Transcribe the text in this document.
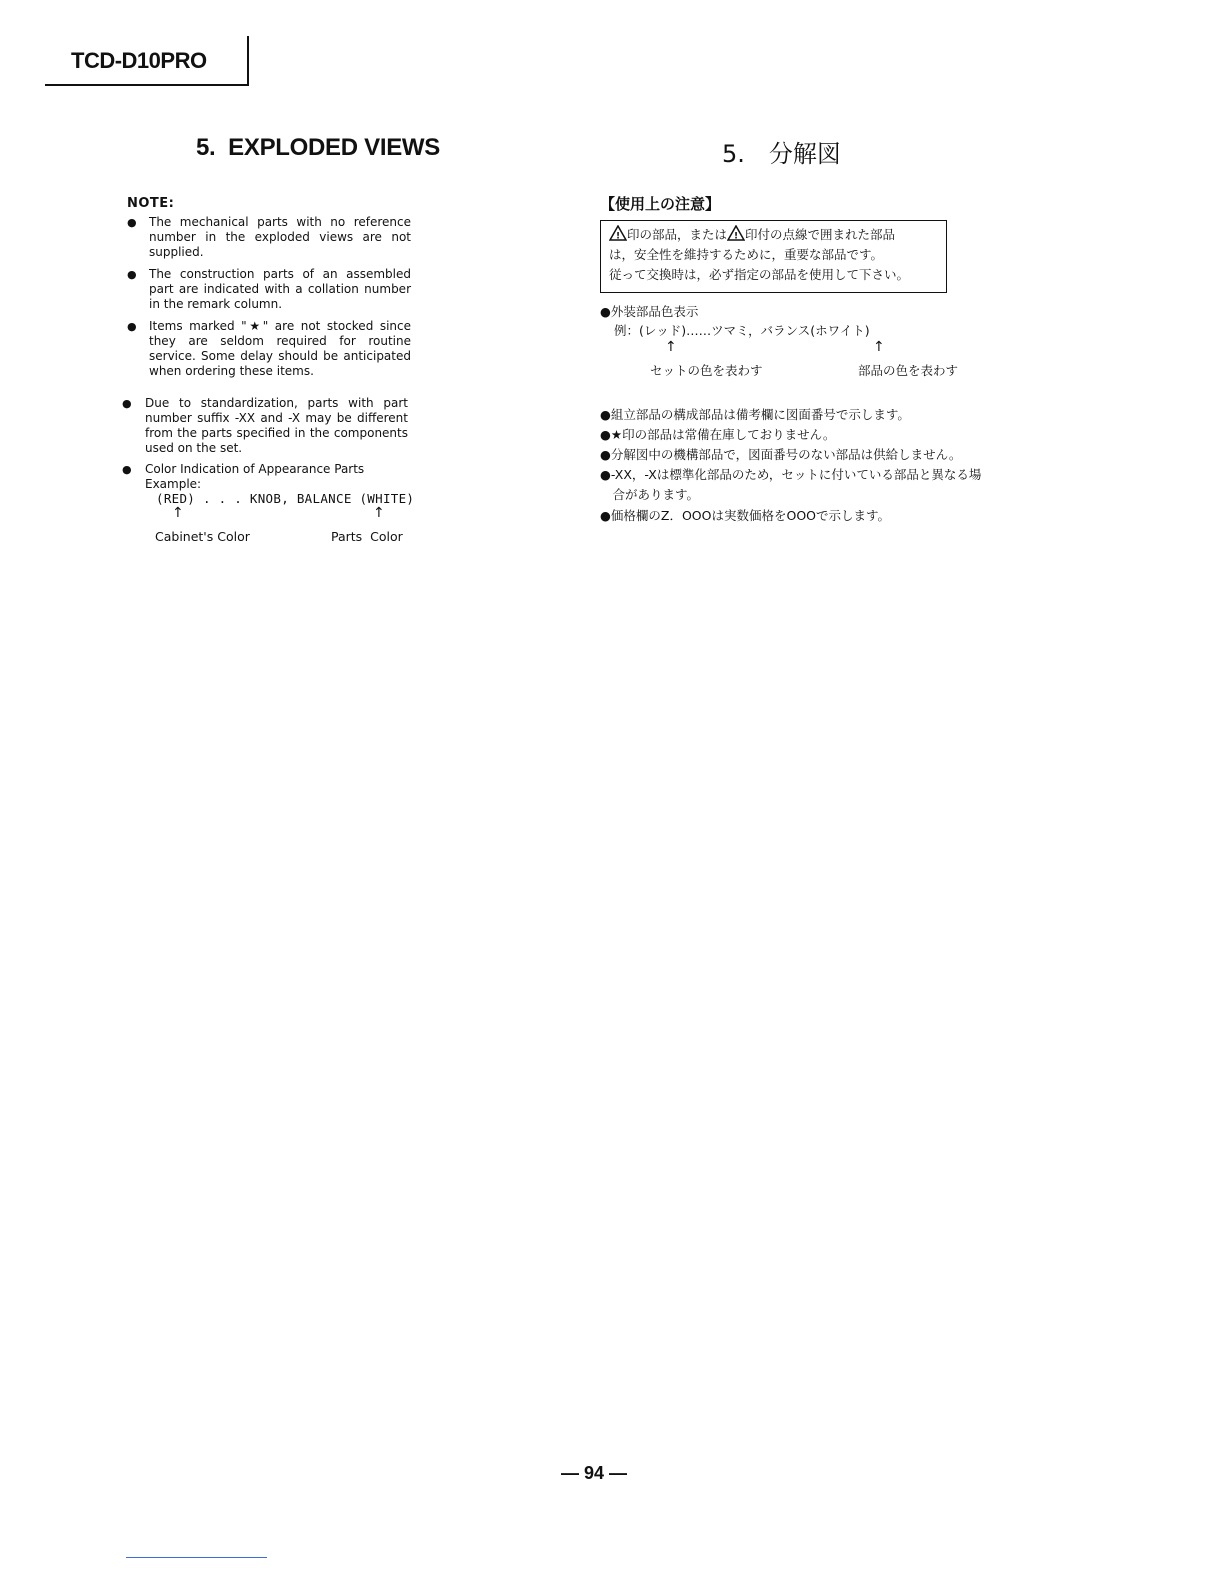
TCD-D10PRO
5.  EXPLODED VIEWS	5.　分解図
NOTE:
● The mechanical parts with no reference number in the exploded views are not supplied.
● The construction parts of an assembled part are indicated with a collation number in the remark column.
● Items marked "★" are not stocked since they are seldom required for routine service. Some delay should be anticipated when ordering these items.
● Due to standardization, parts with part number suffix -XX and -X may be different from the parts specified in the components used on the set.
● Color Indication of Appearance Parts
Example:
(RED) . . . KNOB, BALANCE (WHITE)
↑	↑
Cabinet's Color	Parts  Color
【使用上の注意】
! 印の部品，または ! 印付の点線で囲まれた部品
は，安全性を維持するために，重要な部品です。
従って交換時は，必ず指定の部品を使用して下さい。
●外装部品色表示
例：(レッド)……ツマミ，バランス(ホワイト)
↑	↑
セットの色を表わす	部品の色を表わす
●組立部品の構成部品は備考欄に図面番号で示します。
●★印の部品は常備在庫しておりません。
●分解図中の機構部品で，図面番号のない部品は供給しません。
●-XX，-Xは標準化部品のため，セットに付いている部品と異なる場
　合があります。
●価格欄のZ．OOOは実数価格をOOOで示します。
— 94 —
